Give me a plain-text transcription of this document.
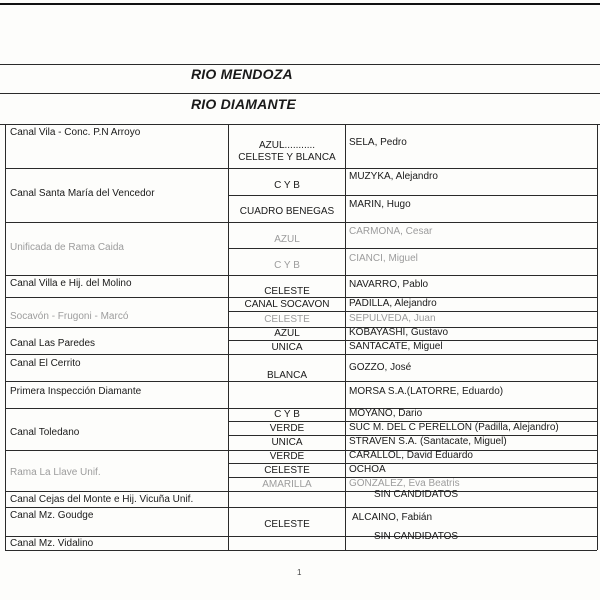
RIO MENDOZA
RIO DIAMANTE
Canal Vila - Conc. P.N Arroyo
AZUL...........
CELESTE Y BLANCA
SELA, Pedro
Canal Santa María del Vencedor
C Y B
CUADRO BENEGAS
MUZYKA, Alejandro
MARIN, Hugo
Unificada de Rama Caida
AZUL
C Y B
CARMONA, Cesar
CIANCI, Miguel
Canal Villa e Hij. del Molino
CELESTE
NAVARRO, Pablo
Socavón - Frugoni - Marcó
CANAL SOCAVON
CELESTE
PADILLA, Alejandro
SEPULVEDA, Juan
Canal Las Paredes
AZUL
UNICA
KOBAYASHI, Gustavo
SANTACATE, Miguel
Canal El Cerrito
BLANCA
GOZZO, José
Primera Inspección Diamante	MORSA S.A.(LATORRE, Eduardo)
Canal Toledano
C Y B
VERDE
UNICA
MOYANO, Dario
SUC M. DEL C PERELLON (Padilla, Alejandro)
STRAVEN S.A. (Santacate, Miguel)
Rama La Llave Unif.
VERDE
CELESTE
AMARILLA
CARALLOL, David Eduardo
OCHOA
GONZALEZ, Eva Beatris
Canal Cejas del Monte e Hij. Vicuña Unif.	SIN CANDIDATOS
Canal Mz. Goudge
CELESTE
ALCAINO, Fabián
Canal Mz. Vidalino
SIN CANDIDATOS
1
